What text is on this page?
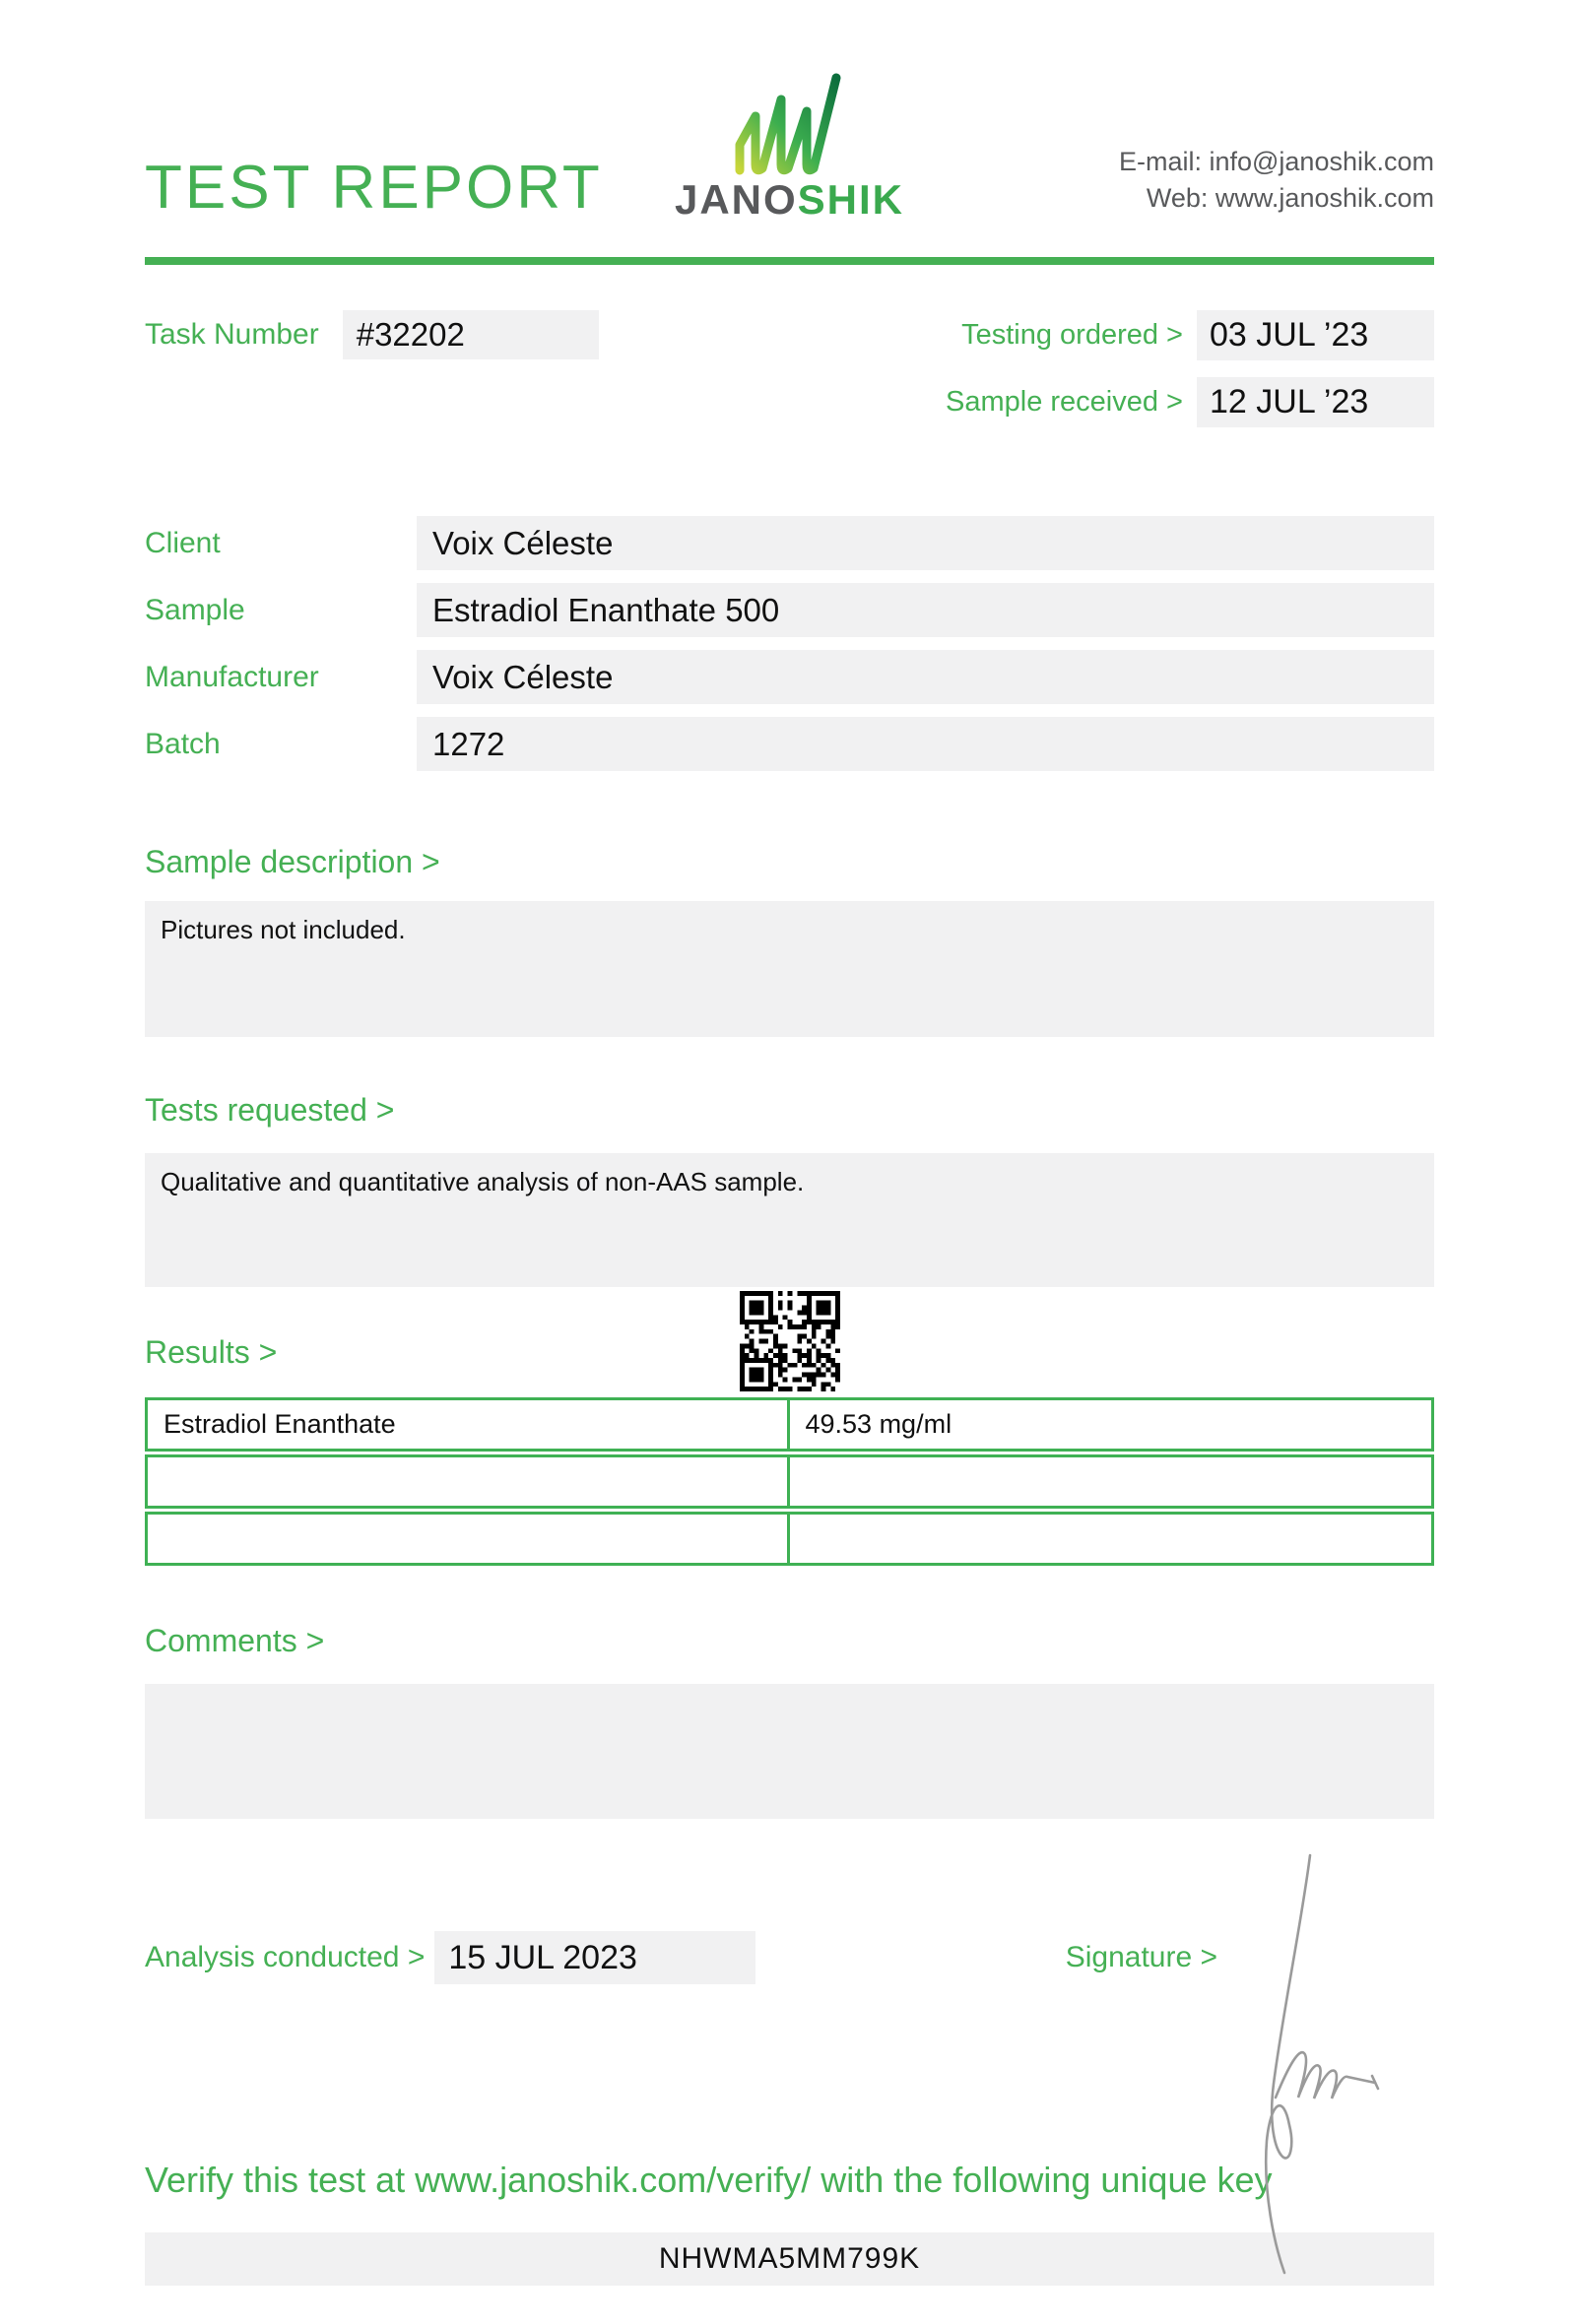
TEST REPORT	JANOSHIK
E-mail: info@janoshik.com
Web: www.janoshik.com
Task Number	#32202	Testing ordered > 03 JUL ’23
Sample received > 12 JUL ’23
Client	Voix Céleste
Sample	Estradiol Enanthate 500
Manufacturer	Voix Céleste
Batch	1272
Sample description >
Pictures not included.
Tests requested >
Qualitative and quantitative analysis of non-AAS sample.
Results >
Estradiol Enanthate	49.53 mg/ml
Comments >
Analysis conducted > 15 JUL 2023	Signature >
Verify this test at www.janoshik.com/verify/ with the following unique key
NHWMA5MM799K
